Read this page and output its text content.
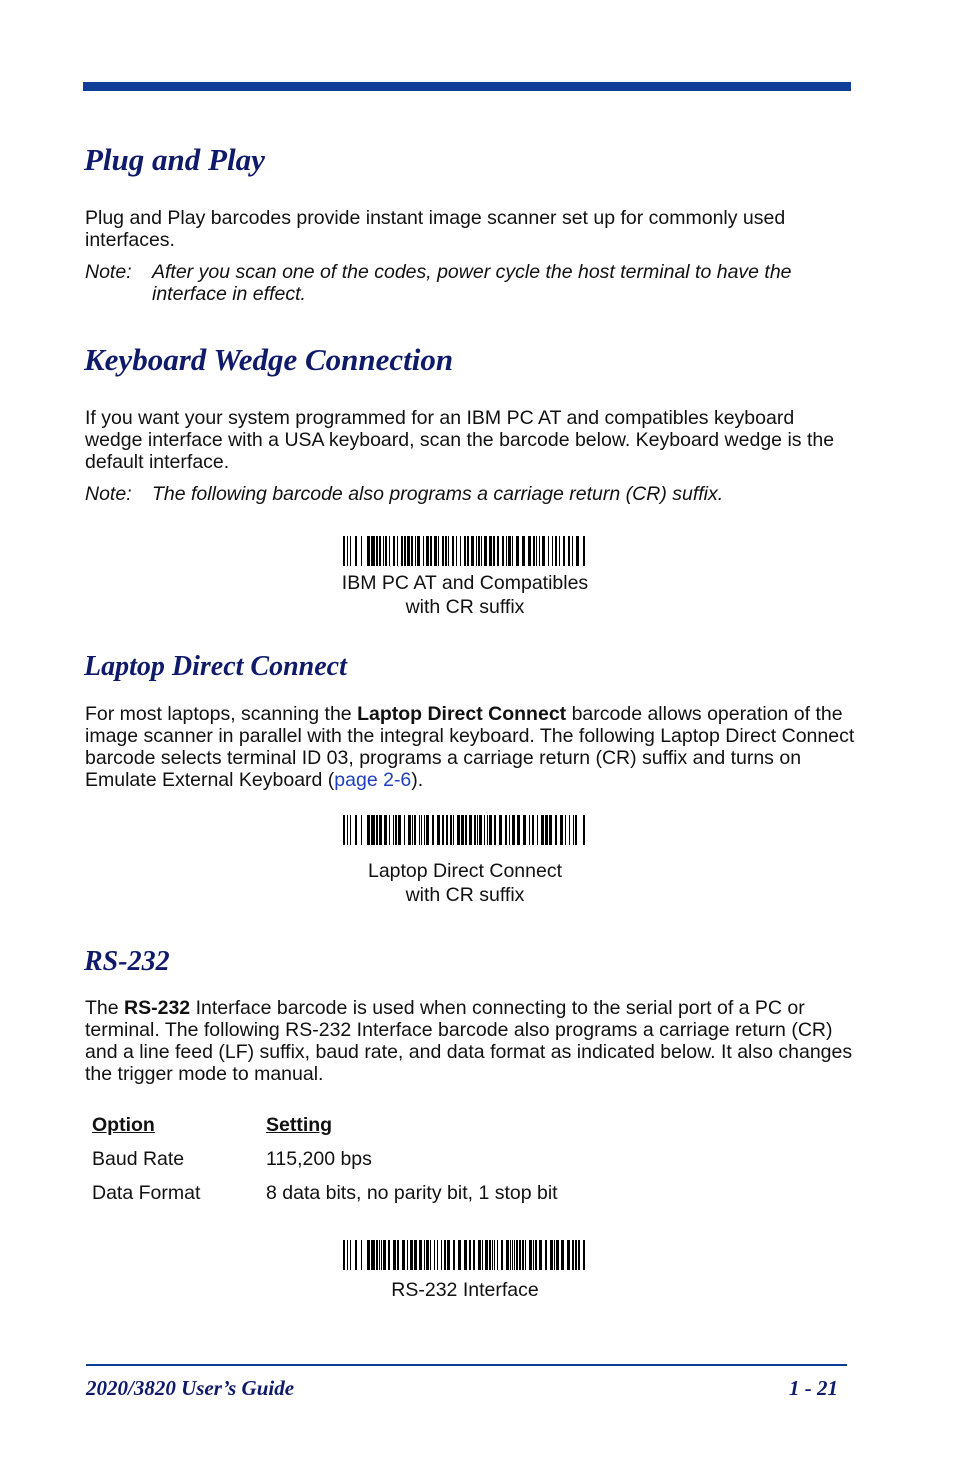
Plug and Play

Plug and Play barcodes provide instant image scanner set up for commonly used interfaces.

Note: After you scan one of the codes, power cycle the host terminal to have the interface in effect.
Keyboard Wedge Connection

If you want your system programmed for an IBM PC AT and compatibles keyboard wedge interface with a USA keyboard, scan the barcode below. Keyboard wedge is the default interface.

Note: The following barcode also programs a carriage return (CR) suffix.
IBM PC AT and Compatibles
with CR suffix
Laptop Direct Connect

For most laptops, scanning the Laptop Direct Connect barcode allows operation of the image scanner in parallel with the integral keyboard. The following Laptop Direct Connect barcode selects terminal ID 03, programs a carriage return (CR) suffix and turns on Emulate External Keyboard (page 2-6).

Laptop Direct Connect
with CR suffix
RS-232

The RS-232 Interface barcode is used when connecting to the serial port of a PC or terminal. The following RS-232 Interface barcode also programs a carriage return (CR) and a line feed (LF) suffix, baud rate, and data format as indicated below. It also changes the trigger mode to manual.

Option	Setting
Baud Rate	115,200 bps
Data Format	8 data bits, no parity bit, 1 stop bit
RS-232 Interface
2020/3820 User’s Guide	1 - 21
